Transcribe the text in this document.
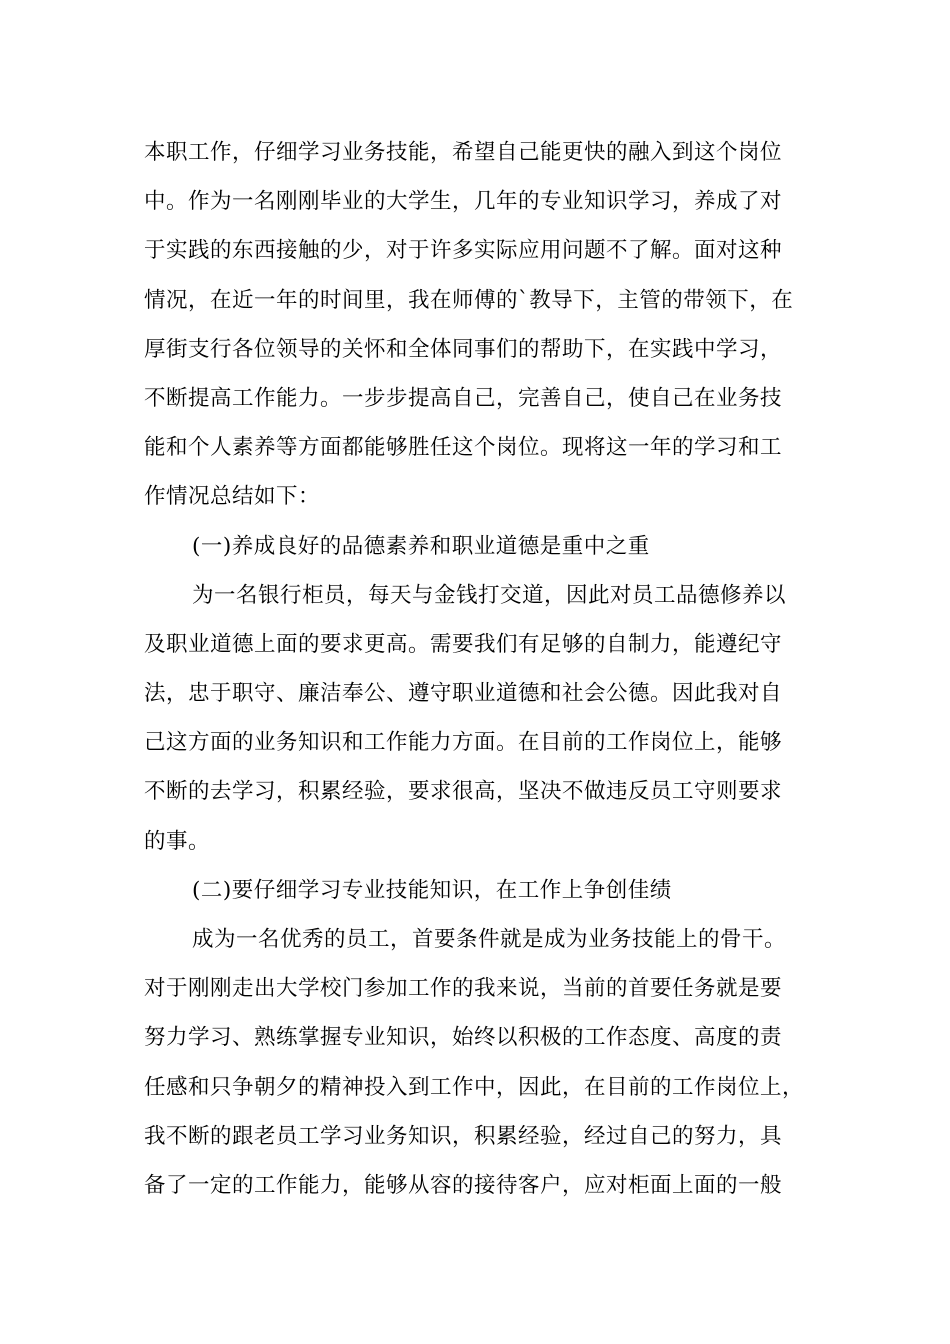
本职工作，仔细学习业务技能，希望自己能更快的融入到这个岗位
中。作为一名刚刚毕业的大学生，几年的专业知识学习，养成了对
于实践的东西接触的少，对于许多实际应用问题不了解。面对这种
情况，在近一年的时间里，我在师傅的`教导下，主管的带领下，在
厚街支行各位领导的关怀和全体同事们的帮助下，在实践中学习，
不断提高工作能力。一步步提高自己，完善自己，使自己在业务技
能和个人素养等方面都能够胜任这个岗位。现将这一年的学习和工
作情况总结如下：
(一)养成良好的品德素养和职业道德是重中之重
为一名银行柜员，每天与金钱打交道，因此对员工品德修养以
及职业道德上面的要求更高。需要我们有足够的自制力，能遵纪守
法，忠于职守、廉洁奉公、遵守职业道德和社会公德。因此我对自
己这方面的业务知识和工作能力方面。在目前的工作岗位上，能够
不断的去学习，积累经验，要求很高，坚决不做违反员工守则要求
的事。
(二)要仔细学习专业技能知识，在工作上争创佳绩
成为一名优秀的员工，首要条件就是成为业务技能上的骨干。
对于刚刚走出大学校门参加工作的我来说，当前的首要任务就是要
努力学习、熟练掌握专业知识，始终以积极的工作态度、高度的责
任感和只争朝夕的精神投入到工作中，因此，在目前的工作岗位上，
我不断的跟老员工学习业务知识，积累经验，经过自己的努力，具
备了一定的工作能力，能够从容的接待客户，应对柜面上面的一般
